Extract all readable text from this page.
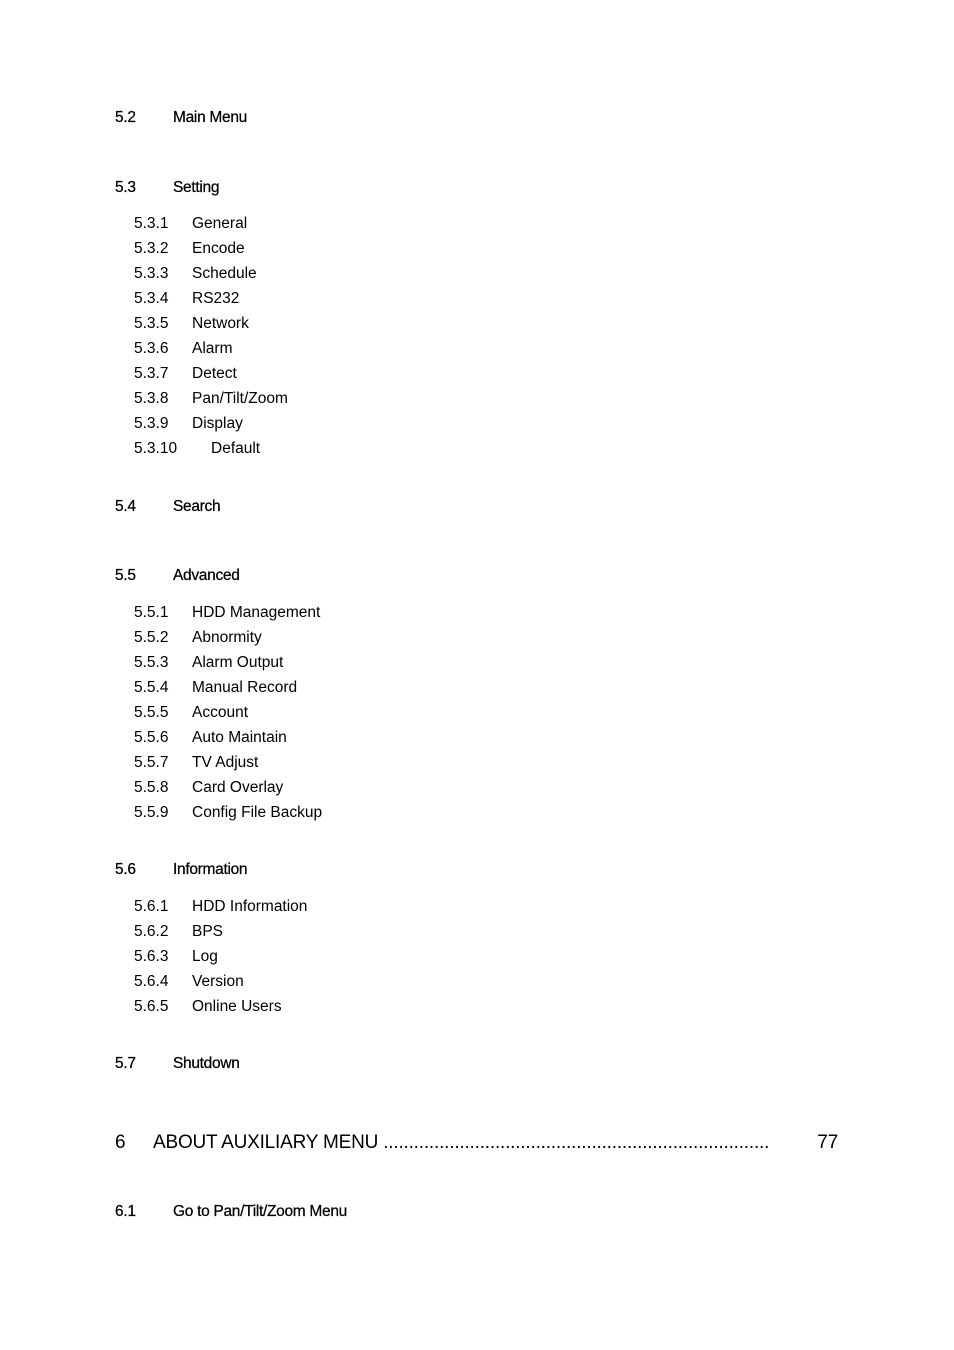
5.2 Main Menu
5.3 Setting
5.3.1 General
5.3.2 Encode
5.3.3 Schedule
5.3.4 RS232
5.3.5 Network
5.3.6 Alarm
5.3.7 Detect
5.3.8 Pan/Tilt/Zoom
5.3.9 Display
5.3.10 Default
5.4 Search
5.5 Advanced
5.5.1 HDD Management
5.5.2 Abnormity
5.5.3 Alarm Output
5.5.4 Manual Record
5.5.5 Account
5.5.6 Auto Maintain
5.5.7 TV Adjust
5.5.8 Card Overlay
5.5.9 Config File Backup
5.6 Information
5.6.1 HDD Information
5.6.2 BPS
5.6.3 Log
5.6.4 Version
5.6.5 Online Users
5.7 Shutdown
6 ABOUT AUXILIARY MENU ............................................................................	77
6.1 Go to Pan/Tilt/Zoom Menu
